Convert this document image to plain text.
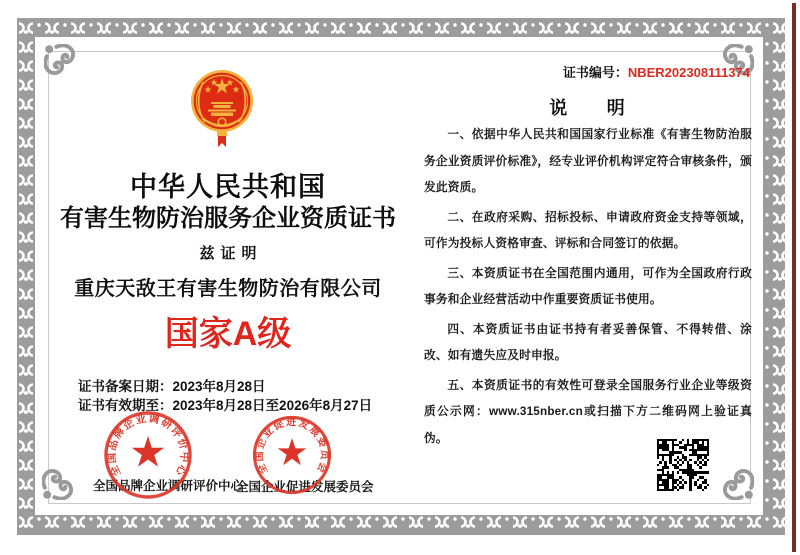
中华人民共和国
有害生物防治服务企业资质证书
兹证明
重庆天敌王有害生物防治有限公司
国家A级
证书备案日期：2023年8月28日
证书有效期至：2023年8月28日至2026年8月27日
全国品牌企业调研评价中心
全国企业促进发展委员会
全国品牌企业调研评价中心	全国企业促进发展委员会
证书编号：NBER202308111374
说明

一、依据中华人民共和国国家行业标准《有害生物防治服务企业资质评价标准》，经专业评价机构评定符合审核条件，颁发此资质。

二、在政府采购、招标投标、申请政府资金支持等领域，可作为投标人资格审查、评标和合同签订的依据。

三、本资质证书在全国范围内通用，可作为全国政府行政事务和企业经营活动中作重要资质证书使用。

四、本资质证书由证书持有者妥善保管、不得转借、涂改、如有遗失应及时申报。

五、本资质证书的有效性可登录全国服务行业企业等级资质公示网：www.315nber.cn或扫描下方二维码网上验证真伪。
